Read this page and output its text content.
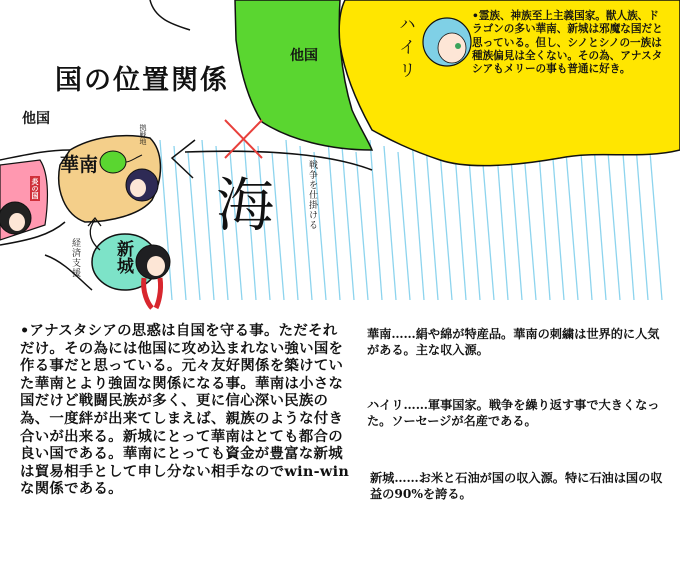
国の位置関係
他国
他国	ハイリ	•霊族、神族至上主義国家。獣人族、ドラゴンの多い華南、新城は邪魔な国だと思っている。但し、シノとシノの一族は種族偏見は全くない。その為、アナスタシアもメリーの事も普通に好き。
華南
新城
海	戦争を仕掛ける
経済支援
拠戦地
炎の国
•アナスタシアの思惑は自国を守る事。ただそれだけ。その為には他国に攻め込まれない強い国を作る事だと思っている。元々友好関係を築けていた華南とより強固な関係になる事。華南は小さな国だけど戦闘民族が多く、更に信心深い民族の為、一度絆が出来てしまえば、親族のような付き合いが出来る。新城にとって華南はとても都合の良い国である。華南にとっても資金が豊富な新城は貿易相手として申し分ない相手なのでwin-winな関係である。
華南……絹や綿が特産品。華南の刺繍は世界的に人気がある。主な収入源。
ハイリ……軍事国家。戦争を繰り返す事で大きくなった。ソーセージが名産である。
新城……お米と石油が国の収入源。特に石油は国の収益の90%を誇る。
